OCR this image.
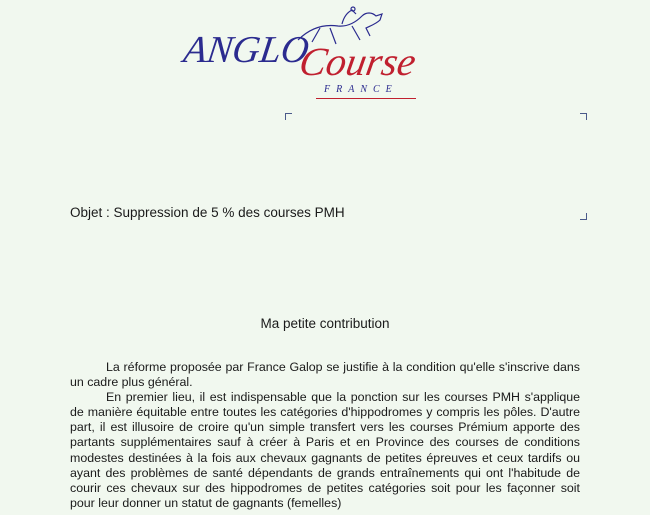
ANGLO
Course
FRANCE
Objet : Suppression de 5 % des courses PMH
Ma petite contribution

La réforme proposée par France Galop se justifie à la condition qu'elle s'inscrive dans un cadre plus général.

En premier lieu, il est indispensable que la ponction sur les courses PMH s'applique de manière équitable entre toutes les catégories d'hippodromes y compris les pôles. D'autre part, il est illusoire de croire qu'un simple transfert vers les courses Prémium apporte des partants supplémentaires sauf à créer à Paris et en Province des courses de conditions modestes destinées à la fois aux chevaux gagnants de petites épreuves et ceux tardifs ou ayant des problèmes de santé dépendants de grands entraînements qui ont l'habitude de courir ces chevaux sur des hippodromes de petites catégories soit pour les façonner soit pour leur donner un statut de gagnants (femelles)
